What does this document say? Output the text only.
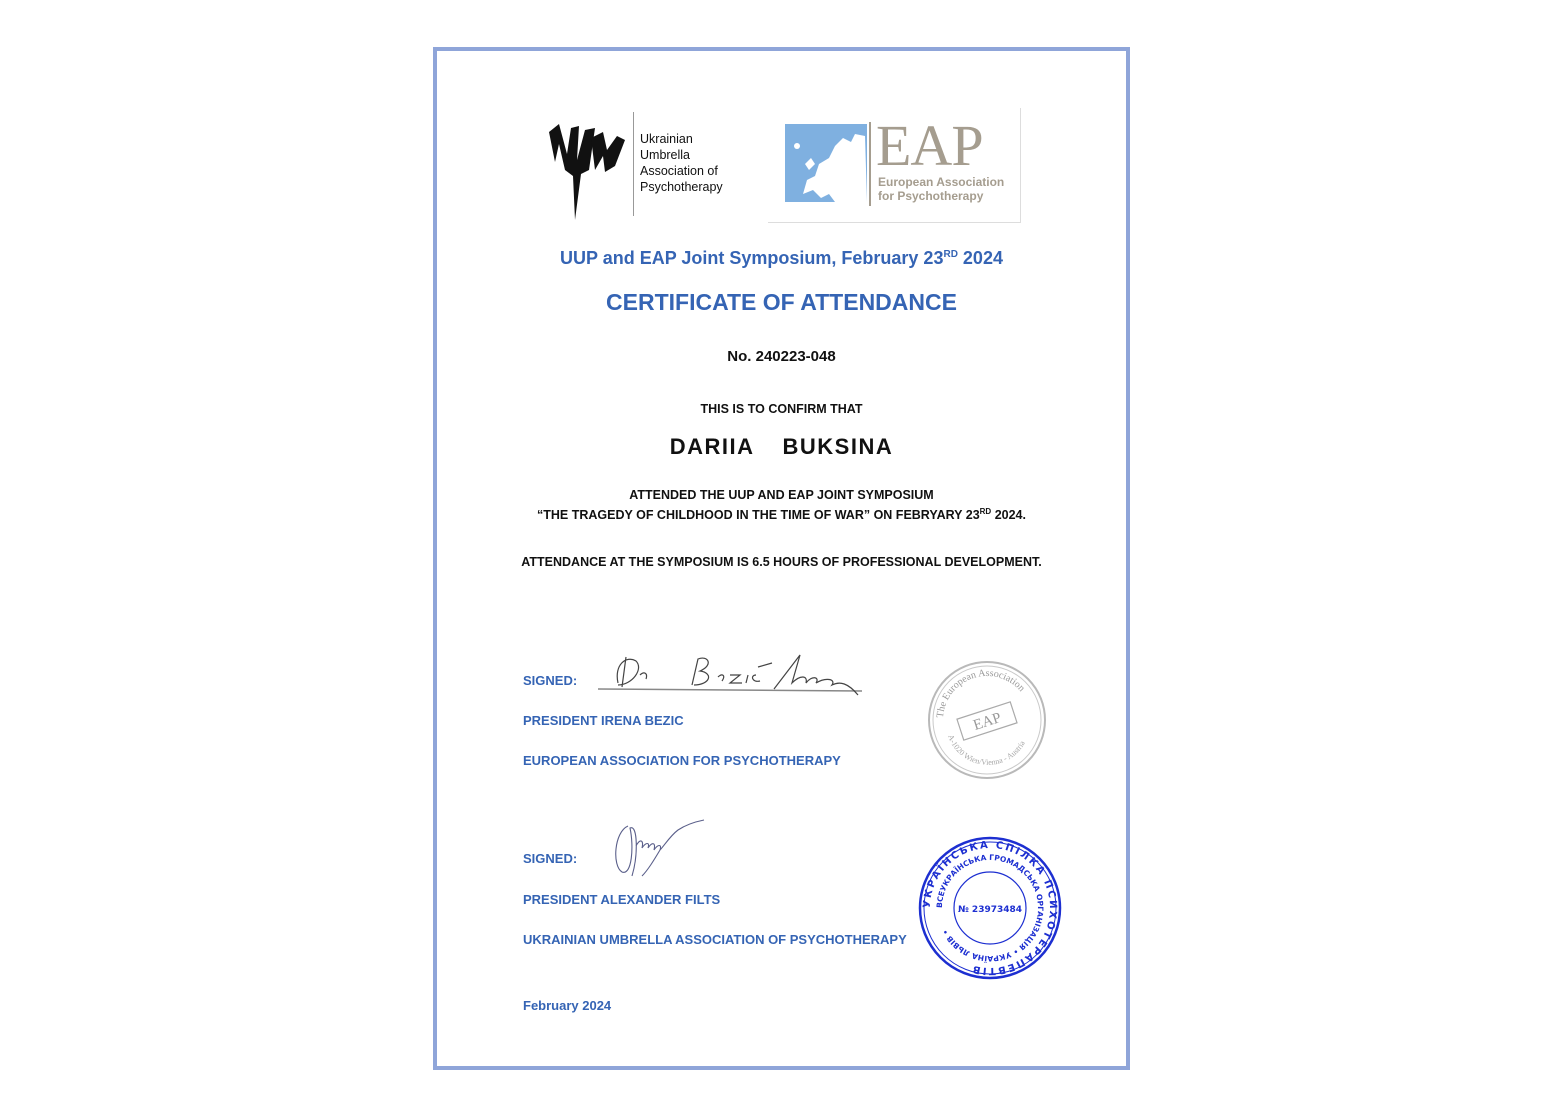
Ukrainian
Umbrella
Association of
Psychotherapy
EAP
European Association
for Psychotherapy
UUP and EAP Joint Symposium, February 23RD 2024
CERTIFICATE OF ATTENDANCE
No. 240223-048
THIS IS TO CONFIRM THAT
DARIIA BUKSINA
ATTENDED THE UUP AND EAP JOINT SYMPOSIUM
“THE TRAGEDY OF CHILDHOOD IN THE TIME OF WAR” ON FEBRYARY 23RD 2024.
ATTENDANCE AT THE SYMPOSIUM IS 6.5 HOURS OF PROFESSIONAL DEVELOPMENT.
SIGNED:
PRESIDENT IRENA BEZIC
EUROPEAN ASSOCIATION FOR PSYCHOTHERAPY
The European Association
A-1020 Wien/Vienna - Austria
EAP
SIGNED:
PRESIDENT ALEXANDER FILTS
UKRAINIAN UMBRELLA ASSOCIATION OF PSYCHOTHERAPY
УКРАЇНСЬКА СПІЛКА ПСИХОТЕРАПЕВТІВ
ВСЕУКРАЇНСЬКА ГРОМАДСЬКА ОРГАНІЗАЦІЯ • УКРАЇНА ЛЬВІВ •
№ 23973484
February 2024
